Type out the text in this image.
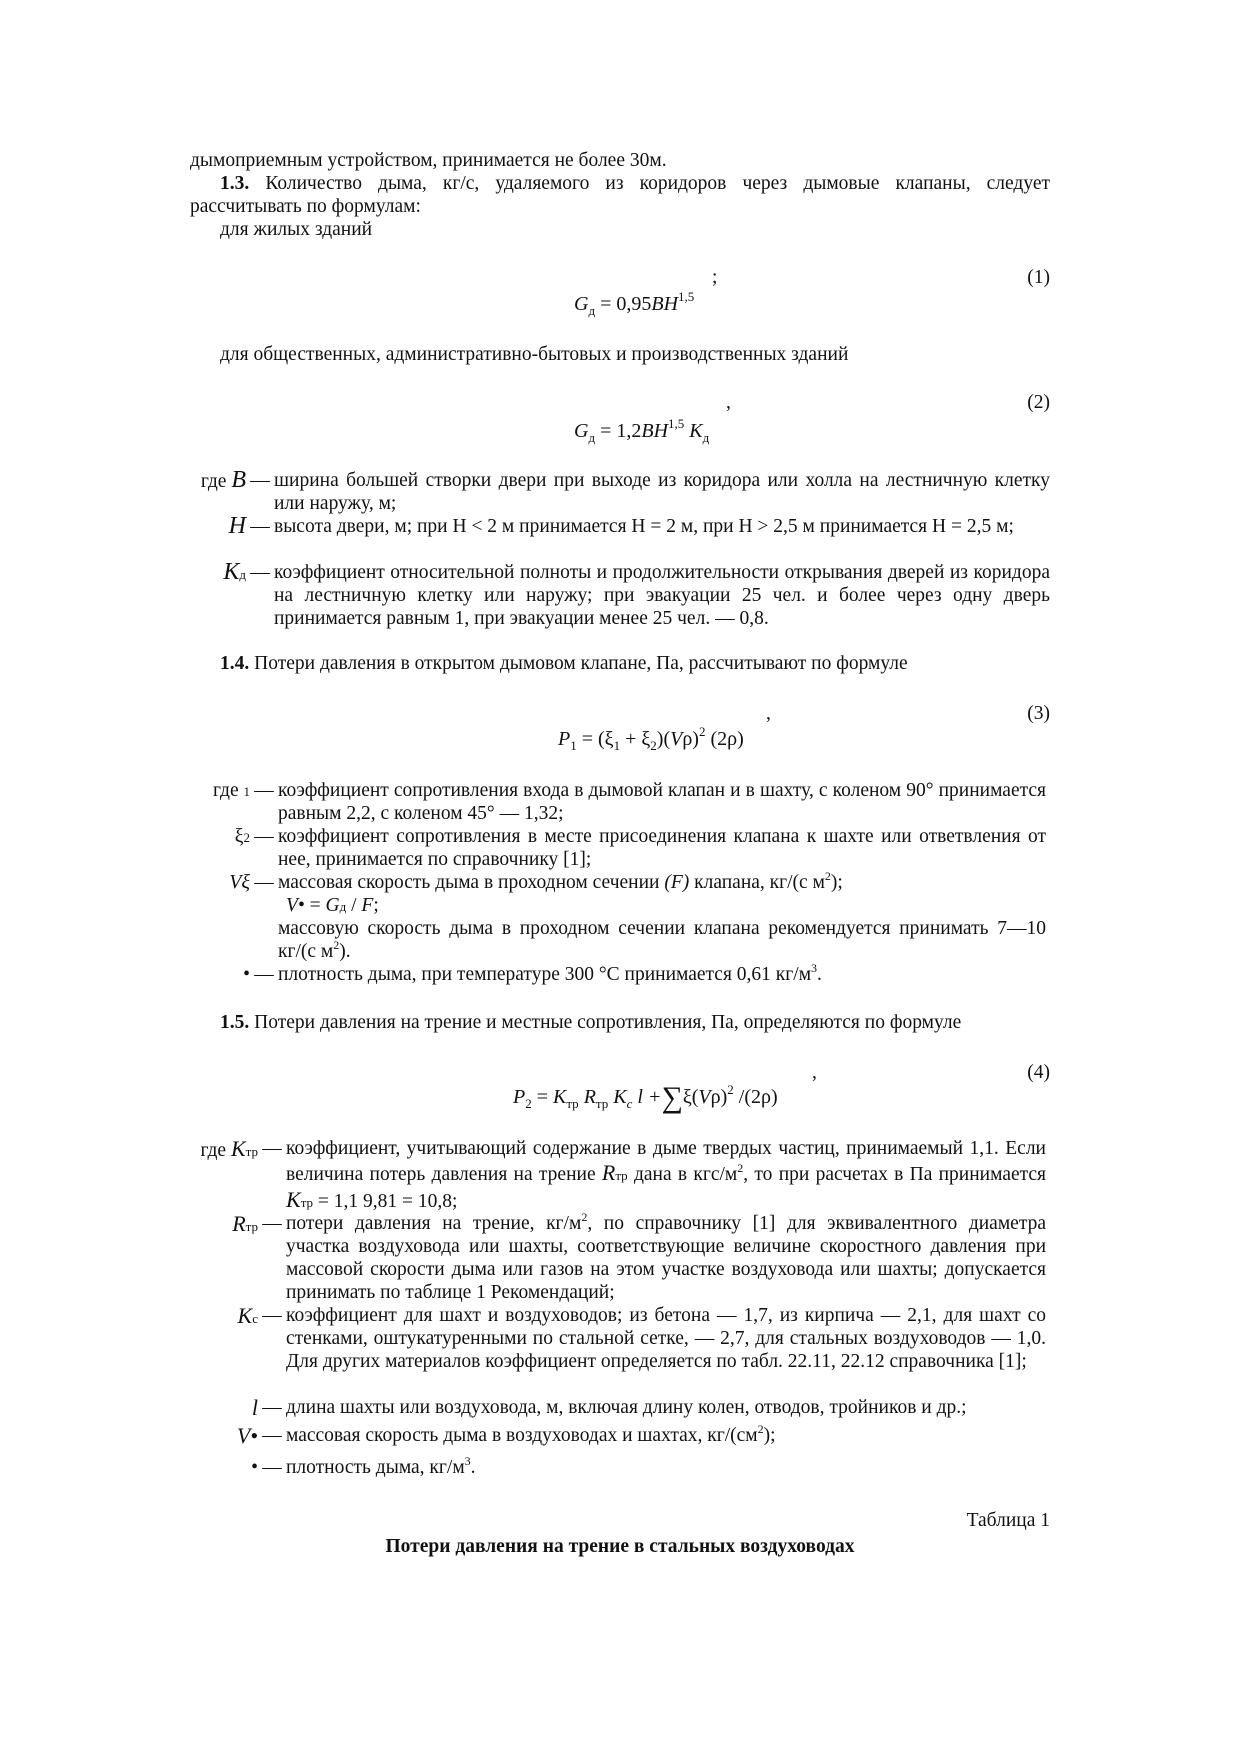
дымоприемным устройством, принимается не более 30м.
1.3. Количество дыма, кг/с, удаляемого из коридоров через дымовые клапаны, следует рассчитывать по формулам:
для жилых зданий
$G_д = 0,95BH^{1,5}$
;	(1)
для общественных, административно-бытовых и производственных зданий
$G_д = 1,2BH^{1,5}$ $K_д$
,	(2)
где B — ширина большей створки двери при выходе из коридора или холла на лестничную клетку или наружу, м;
H — высота двери, м; при H < 2 м принимается H = 2 м, при H > 2,5 м принимается H = 2,5 м;
Kд — коэффициент относительной полноты и продолжительности открывания дверей из коридора на лестничную клетку или наружу; при эвакуации 25 чел. и более через одну дверь принимается равным 1, при эвакуации менее 25 чел. — 0,8.
1.4. Потери давления в открытом дымовом клапане, Па, рассчитывают по формуле
$P_1 = (\xi_1 + \xi_2)(V\rho)^2$ (2ρ)
,	(3)
где 1 — коэффициент сопротивления входа в дымовой клапан и в шахту, с коленом 90° принимается равным 2,2, с коленом 45° — 1,32;
ξ2 — коэффициент сопротивления в месте присоединения клапана к шахте или ответвления от нее, принимается по справочнику [1];
Vξ — массовая скорость дыма в проходном сечении (F) клапана, кг/(с $м^2$);
V• = Gд / F;
массовую скорость дыма в проходном сечении клапана рекомендуется принимать 7—10 кг/(с $м^2$).
• — плотность дыма, при температуре 300 °С принимается 0,61 $кг/м^3$.
1.5. Потери давления на трение и местные сопротивления, Па, определяются по формуле
$P_2 = K_{тр}$ $R_{тр}$ $K_c$ $l +\sum\xi(V\rho)^2$ /(2ρ)
,	(4)
где Kтр — коэффициент, учитывающий содержание в дыме твердых частиц, принимаемый 1,1. Если величина потерь давления на трение Rтр дана в кгс/$м^2$, то при расчетах в Па принимается Kтр = 1,1 9,81 = 10,8;
Rтр — потери давления на трение, $кг/м^2$, по справочнику [1] для эквивалентного диаметра участка воздуховода или шахты, соответствующие величине скоростного давления при массовой скорости дыма или газов на этом участке воздуховода или шахты; допускается принимать по таблице 1 Рекомендаций;
Kс — коэффициент для шахт и воздуховодов; из бетона — 1,7, из кирпича — 2,1, для шахт со стенками, оштукатуренными по стальной сетке, — 2,7, для стальных воздуховодов — 1,0. Для других материалов коэффициент определяется по табл. 22.11, 22.12 справочника [1];
l — длина шахты или воздуховода, м, включая длину колен, отводов, тройников и др.;
V• — массовая скорость дыма в воздуховодах и шахтах, $кг/(см^2)$;
• — плотность дыма, $кг/м^3$.
Таблица 1
Потери давления на трение в стальных воздуховодах
